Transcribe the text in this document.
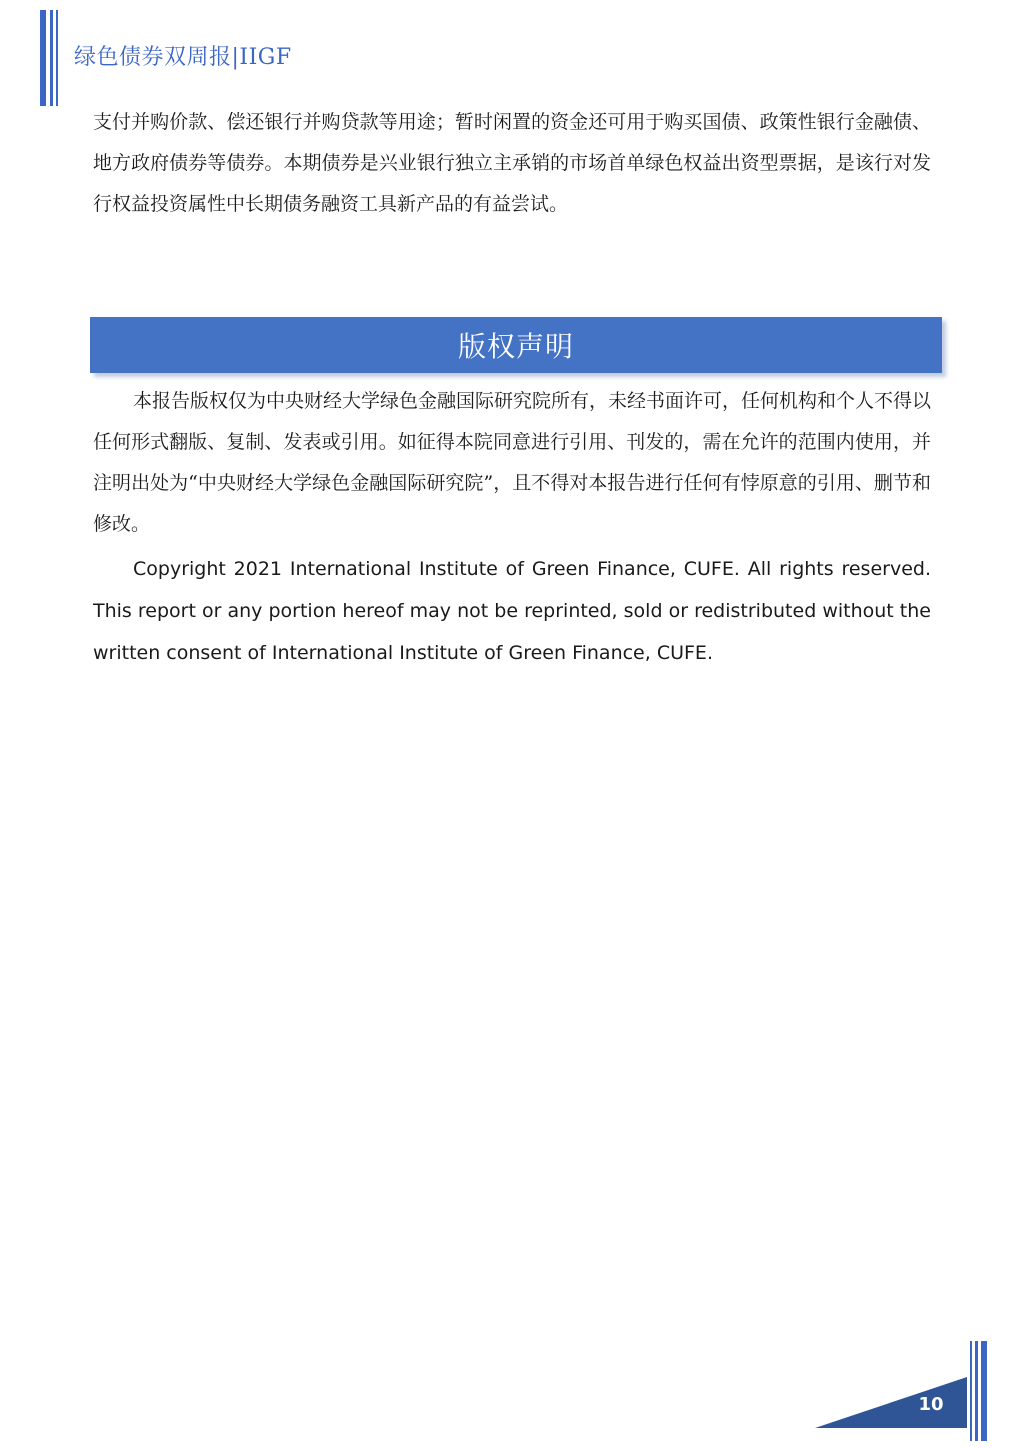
绿色债券双周报|IIGF

支付并购价款、偿还银行并购贷款等用途；暂时闲置的资金还可用于购买国债、政策性银行金融债、地方政府债券等债券。本期债券是兴业银行独立主承销的市场首单绿色权益出资型票据，是该行对发行权益投资属性中长期债务融资工具新产品的有益尝试。

版权声明

本报告版权仅为中央财经大学绿色金融国际研究院所有，未经书面许可，任何机构和个人不得以任何形式翻版、复制、发表或引用。如征得本院同意进行引用、刊发的，需在允许的范围内使用，并注明出处为“中央财经大学绿色金融国际研究院”，且不得对本报告进行任何有悖原意的引用、删节和修改。

Copyright 2021 International Institute of Green Finance, CUFE. All rights reserved. This report or any portion hereof may not be reprinted, sold or redistributed without the written consent of International Institute of Green Finance, CUFE.

10
